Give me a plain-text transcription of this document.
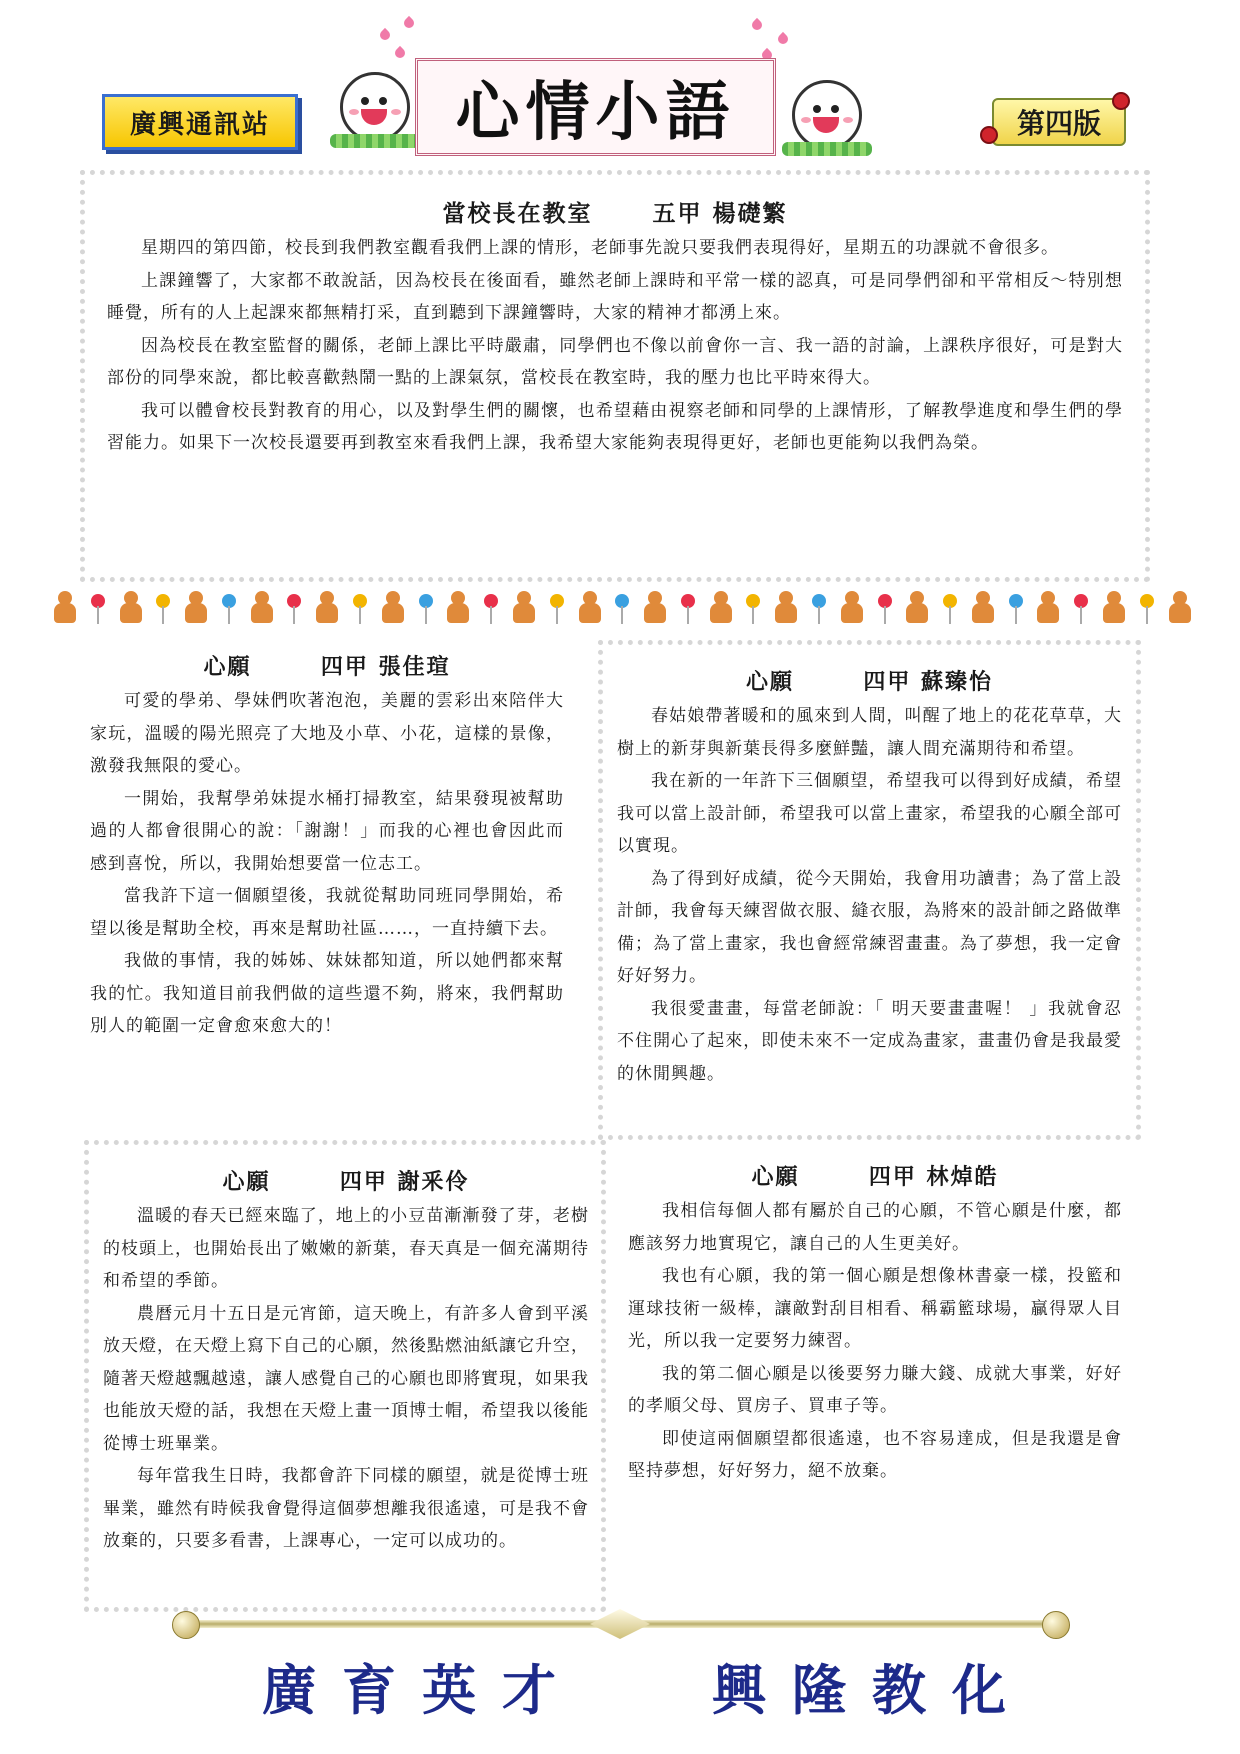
廣興通訊站	心情小語	第四版
當校長在教室	五甲 楊礎繁

星期四的第四節，校長到我們教室觀看我們上課的情形，老師事先說只要我們表現得好，星期五的功課就不會很多。

上課鐘響了，大家都不敢說話，因為校長在後面看，雖然老師上課時和平常一樣的認真，可是同學們卻和平常相反～特別想睡覺，所有的人上起課來都無精打采，直到聽到下課鐘響時，大家的精神才都湧上來。

因為校長在教室監督的關係，老師上課比平時嚴肅，同學們也不像以前會你一言、我一語的討論，上課秩序很好，可是對大部份的同學來說，都比較喜歡熱鬧一點的上課氣氛，當校長在教室時，我的壓力也比平時來得大。

我可以體會校長對教育的用心，以及對學生們的關懷，也希望藉由視察老師和同學的上課情形，了解教學進度和學生們的學習能力。如果下一次校長還要再到教室來看我們上課，我希望大家能夠表現得更好，老師也更能夠以我們為榮。

心願	四甲 張佳瑄

可愛的學弟、學妹們吹著泡泡，美麗的雲彩出來陪伴大家玩，溫暖的陽光照亮了大地及小草、小花，這樣的景像，激發我無限的愛心。

一開始，我幫學弟妹提水桶打掃教室，結果發現被幫助過的人都會很開心的說：「謝謝！」而我的心裡也會因此而感到喜悅，所以，我開始想要當一位志工。

當我許下這一個願望後，我就從幫助同班同學開始，希望以後是幫助全校，再來是幫助社區……，一直持續下去。

我做的事情，我的姊姊、妹妹都知道，所以她們都來幫我的忙。我知道目前我們做的這些還不夠，將來，我們幫助別人的範圍一定會愈來愈大的！

心願	四甲 蘇臻怡

春姑娘帶著暖和的風來到人間，叫醒了地上的花花草草，大樹上的新芽與新葉長得多麼鮮豔，讓人間充滿期待和希望。

我在新的一年許下三個願望，希望我可以得到好成績，希望我可以當上設計師，希望我可以當上畫家，希望我的心願全部可以實現。

為了得到好成績，從今天開始，我會用功讀書；為了當上設計師，我會每天練習做衣服、縫衣服，為將來的設計師之路做準備；為了當上畫家，我也會經常練習畫畫。為了夢想，我一定會好好努力。

我很愛畫畫，每當老師說：「 明天要畫畫喔！ 」我就會忍不住開心了起來，即使未來不一定成為畫家，畫畫仍會是我最愛的休閒興趣。

心願	四甲 謝釆伶

溫暖的春天已經來臨了，地上的小豆苗漸漸發了芽，老樹的枝頭上，也開始長出了嫩嫩的新葉，春天真是一個充滿期待和希望的季節。

農曆元月十五日是元宵節，這天晚上，有許多人會到平溪放天燈，在天燈上寫下自己的心願，然後點燃油紙讓它升空，隨著天燈越飄越遠，讓人感覺自己的心願也即將實現，如果我也能放天燈的話，我想在天燈上畫一頂博士帽，希望我以後能從博士班畢業。

每年當我生日時，我都會許下同樣的願望，就是從博士班畢業，雖然有時候我會覺得這個夢想離我很遙遠，可是我不會放棄的，只要多看書，上課專心，一定可以成功的。

心願	四甲 林焯皓

我相信每個人都有屬於自己的心願，不管心願是什麼，都應該努力地實現它，讓自己的人生更美好。

我也有心願，我的第一個心願是想像林書豪一樣，投籃和運球技術一級棒，讓敵對刮目相看、稱霸籃球場，贏得眾人目光，所以我一定要努力練習。

我的第二個心願是以後要努力賺大錢、成就大事業，好好的孝順父母、買房子、買車子等。

即使這兩個願望都很遙遠，也不容易達成，但是我還是會堅持夢想，好好努力，絕不放棄。

廣育英才 興隆教化
